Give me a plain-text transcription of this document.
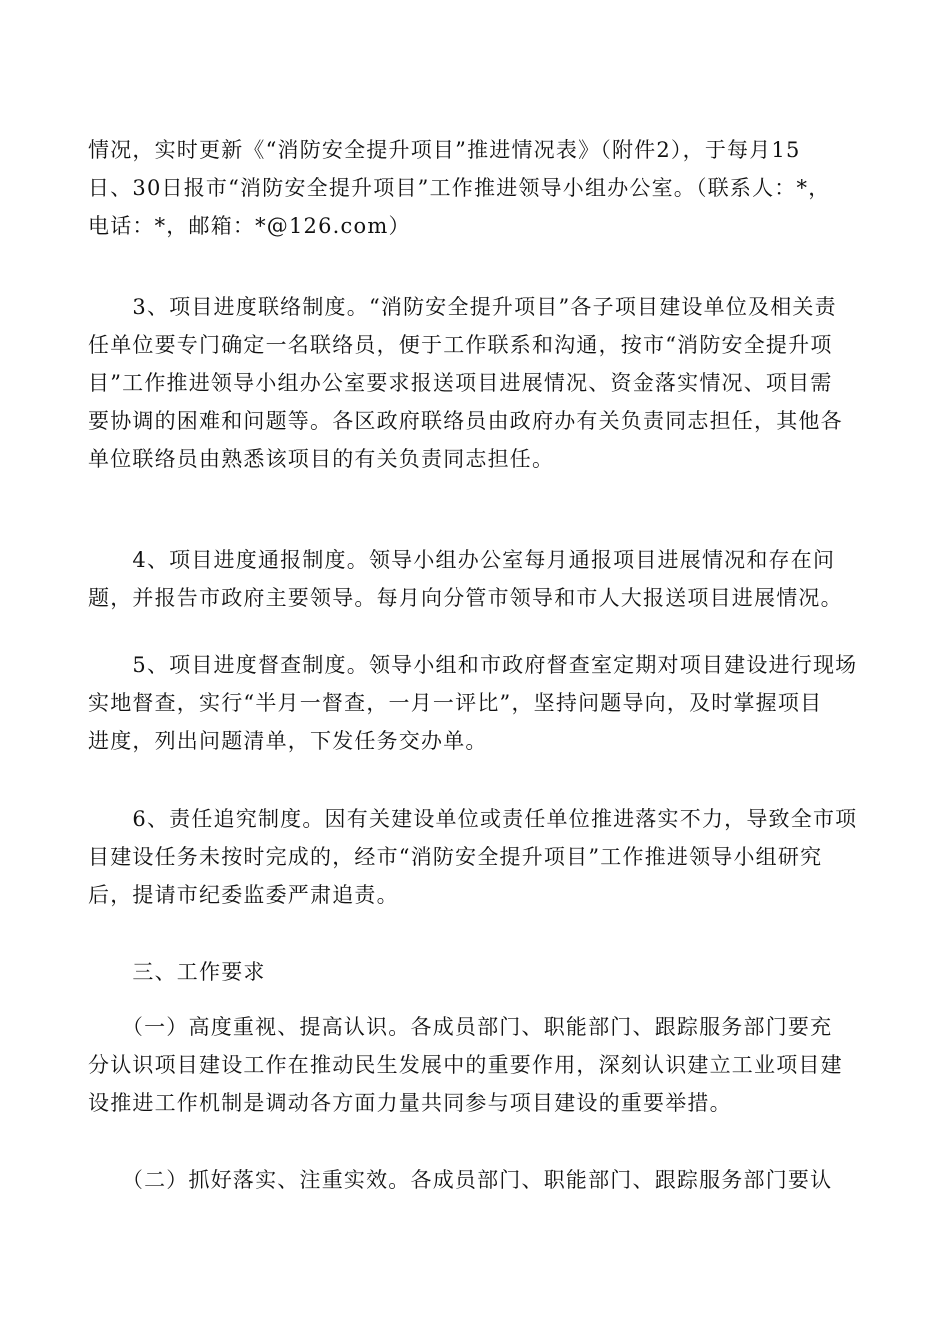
情况，实时更新《“消防安全提升项目”推进情况表》（附件2），于每月15
日、30日报市“消防安全提升项目”工作推进领导小组办公室。（联系人：*，
电话：*，邮箱：*@126.com）
　　3、项目进度联络制度。“消防安全提升项目”各子项目建设单位及相关责
任单位要专门确定一名联络员，便于工作联系和沟通，按市“消防安全提升项
目”工作推进领导小组办公室要求报送项目进展情况、资金落实情况、项目需
要协调的困难和问题等。各区政府联络员由政府办有关负责同志担任，其他各
单位联络员由熟悉该项目的有关负责同志担任。
　　4、项目进度通报制度。领导小组办公室每月通报项目进展情况和存在问
题，并报告市政府主要领导。每月向分管市领导和市人大报送项目进展情况。
　　5、项目进度督查制度。领导小组和市政府督查室定期对项目建设进行现场
实地督查，实行“半月一督查，一月一评比”，坚持问题导向，及时掌握项目
进度，列出问题清单，下发任务交办单。
　　6、责任追究制度。因有关建设单位或责任单位推进落实不力，导致全市项
目建设任务未按时完成的，经市“消防安全提升项目”工作推进领导小组研究
后，提请市纪委监委严肃追责。
　　三、工作要求
　　（一）高度重视、提高认识。各成员部门、职能部门、跟踪服务部门要充
分认识项目建设工作在推动民生发展中的重要作用，深刻认识建立工业项目建
设推进工作机制是调动各方面力量共同参与项目建设的重要举措。
　　（二）抓好落实、注重实效。各成员部门、职能部门、跟踪服务部门要认
